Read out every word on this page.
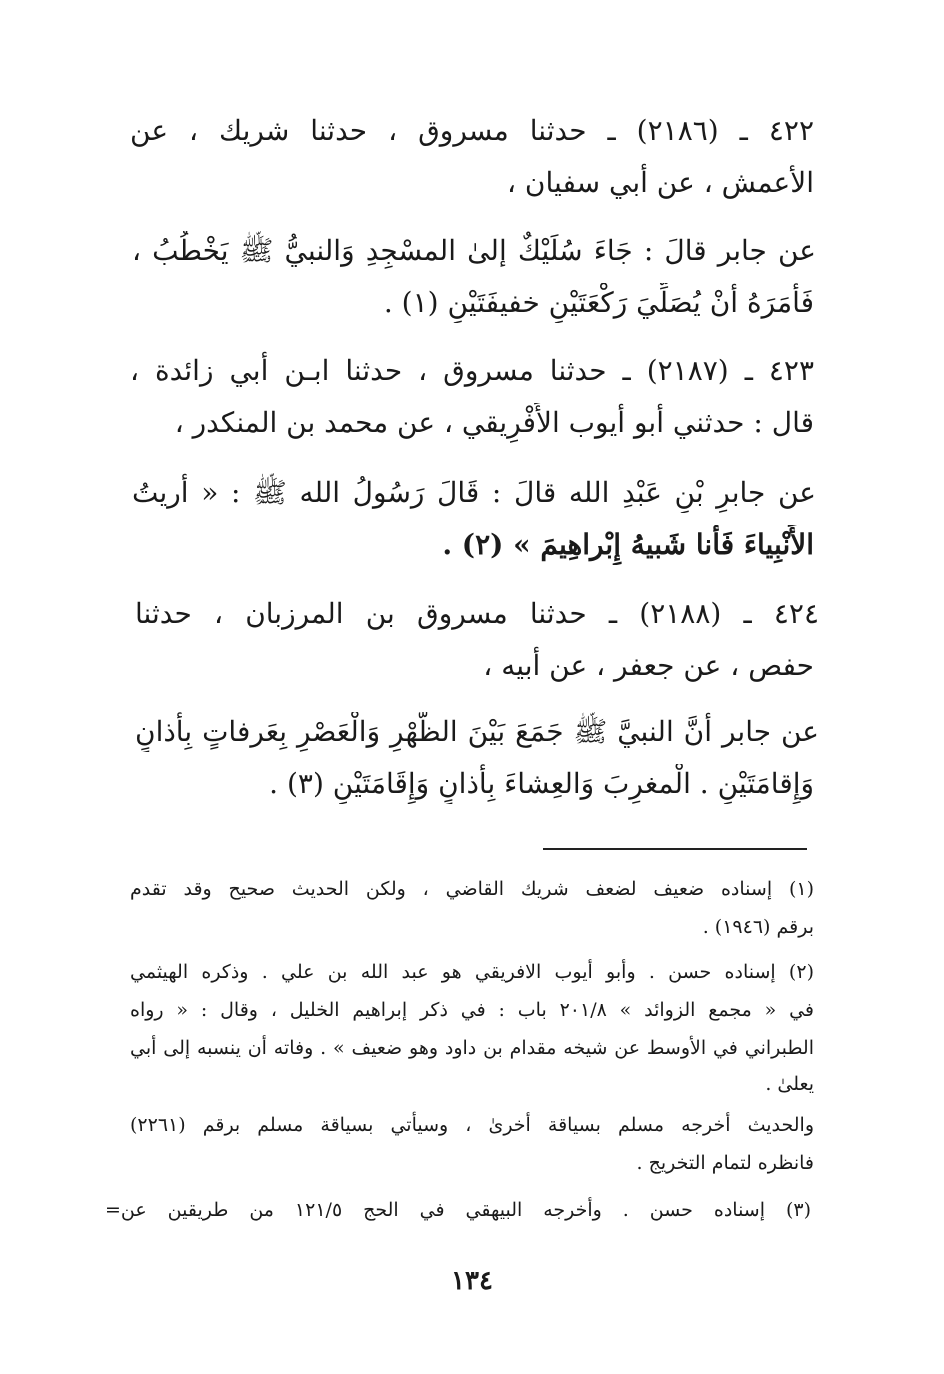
٤٢٢ ـ (٢١٨٦) ـ حدثنا مسروق ، حدثنا شريك ، عن
الأعمش ، عن أبي سفيان ،
عن جابر قالَ : جَاءَ سُلَيْكٌ إلىٰ المسْجِدِ وَالنبيُّ ﷺ يَخْطُبُ ،
فَأَمَرَهُ أَنْ يُصَلِّيَ رَكْعَتَيْنِ خفيفَتَيْنِ (١) .
٤٢٣ ـ (٢١٨٧) ـ حدثنا مسروق ، حدثنا ابـن أبي زائدة ،
قال : حدثني أبو أيوب الأَفْرِيقي ، عن محمد بن المنكدر ،
عن جابرِ بْنِ عَبْدِ الله قالَ : قَالَ رَسُولُ الله ﷺ : « أُريتُ
الأَنْبِياءَ فَأَنا شَبيهُ إِبْراهِيمَ » (٢) .
٤٢٤ ـ (٢١٨٨) ـ حدثنا مسروق بن المرزبان ، حدثنا
حفص ، عن جعفر ، عن أبيه ،
عن جابر أَنَّ النبيَّ ﷺ جَمَعَ بَيْنَ الظُّهْرِ وَالْعَصْرِ بِعَرفاتٍ بِأَذانٍ
وَإِقامَتَيْنِ . الْمغرِبَ وَالعِشاءَ بِأذانٍ وَإِقَامَتَيْنِ (٣) .
(١) إسناده ضعيف لضعف شريك القاضي ، ولكن الحديث صحيح وقد تقدم
برقم (١٩٤٦) .
(٢) إسناده حسن . وأبو أيوب الافريقي هو عبد الله بن علي . وذكره الهيثمي
في « مجمع الزوائد » ٢٠١/٨ باب : في ذكر إبراهيم الخليل ، وقال : « رواه
الطبراني في الأوسط عن شيخه مقدام بن داود وهو ضعيف » . وفاته أن ينسبه إلى أبي
يعلىٰ .
والحديث أخرجه مسلم بسياقة أخرىٰ ، وسيأتي بسياقة مسلم برقم (٢٢٦١)
فانظره لتمام التخريج .
(٣) إسناده حسن . وأخرجه البيهقي في الحج ١٢١/٥ من طريقين عن=
١٣٤
